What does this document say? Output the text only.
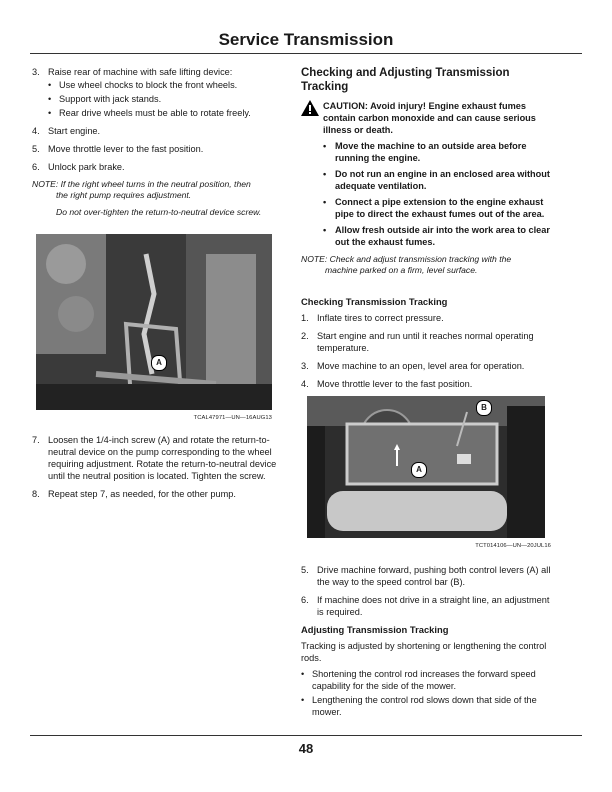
Service Transmission
3. Raise rear of machine with safe lifting device:
• Use wheel chocks to block the front wheels.
• Support with jack stands.
• Rear drive wheels must be able to rotate freely.
4. Start engine.
5. Move throttle lever to the fast position.
6. Unlock park brake.
NOTE: If the right wheel turns in the neutral position, then
the right pump requires adjustment.
Do not over-tighten the return-to-neutral device screw.
A
TCAL47971—UN—16AUG13
7. Loosen the 1/4-inch screw (A) and rotate the return-to-neutral device on the pump corresponding to the wheel requiring adjustment. Rotate the return-to-neutral device until the neutral position is located. Tighten the screw.
8. Repeat step 7, as needed, for the other pump.
Checking and Adjusting Transmission Tracking
CAUTION: Avoid injury! Engine exhaust fumes contain carbon monoxide and can cause serious illness or death.
• Move the machine to an outside area before running the engine.
• Do not run an engine in an enclosed area without adequate ventilation.
• Connect a pipe extension to the engine exhaust pipe to direct the exhaust fumes out of the area.
• Allow fresh outside air into the work area to clear out the exhaust fumes.
NOTE: Check and adjust transmission tracking with the
machine parked on a firm, level surface.
Checking Transmission Tracking
1. Inflate tires to correct pressure.
2. Start engine and run until it reaches normal operating temperature.
3. Move machine to an open, level area for operation.
4. Move throttle lever to the fast position.
A
B
TCT014106—UN—20JUL16
5. Drive machine forward, pushing both control levers (A) all the way to the speed control bar (B).
6. If machine does not drive in a straight line, an adjustment is required.
Adjusting Transmission Tracking
Tracking is adjusted by shortening or lengthening the control rods.
• Shortening the control rod increases the forward speed capability for the side of the mower.
• Lengthening the control rod slows down that side of the mower.
48
